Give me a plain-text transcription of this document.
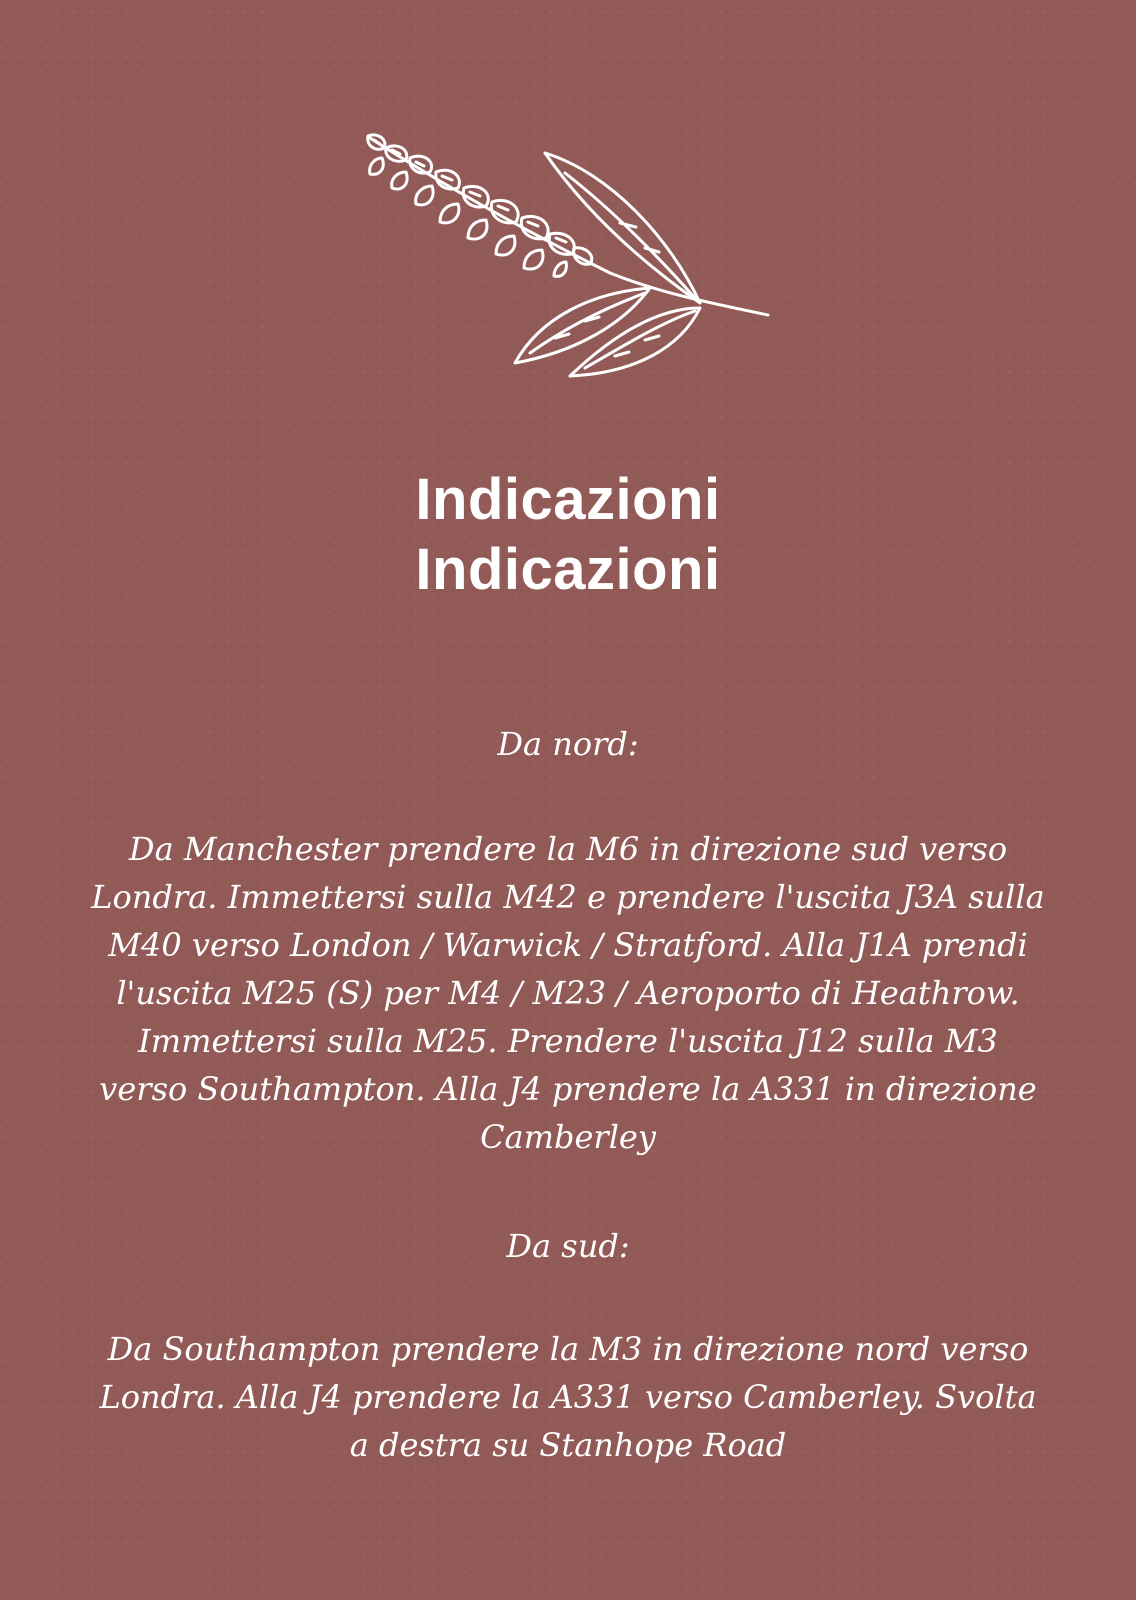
Indicazioni
Indicazioni

Da nord:

Da Manchester prendere la M6 in direzione sud verso Londra. Immettersi sulla M42 e prendere l'uscita J3A sulla M40 verso London / Warwick / Stratford. Alla J1A prendi l'uscita M25 (S) per M4 / M23 / Aeroporto di Heathrow. Immettersi sulla M25. Prendere l'uscita J12 sulla M3 verso Southampton. Alla J4 prendere la A331 in direzione Camberley

Da sud:

Da Southampton prendere la M3 in direzione nord verso Londra. Alla J4 prendere la A331 verso Camberley. Svolta a destra su Stanhope Road
